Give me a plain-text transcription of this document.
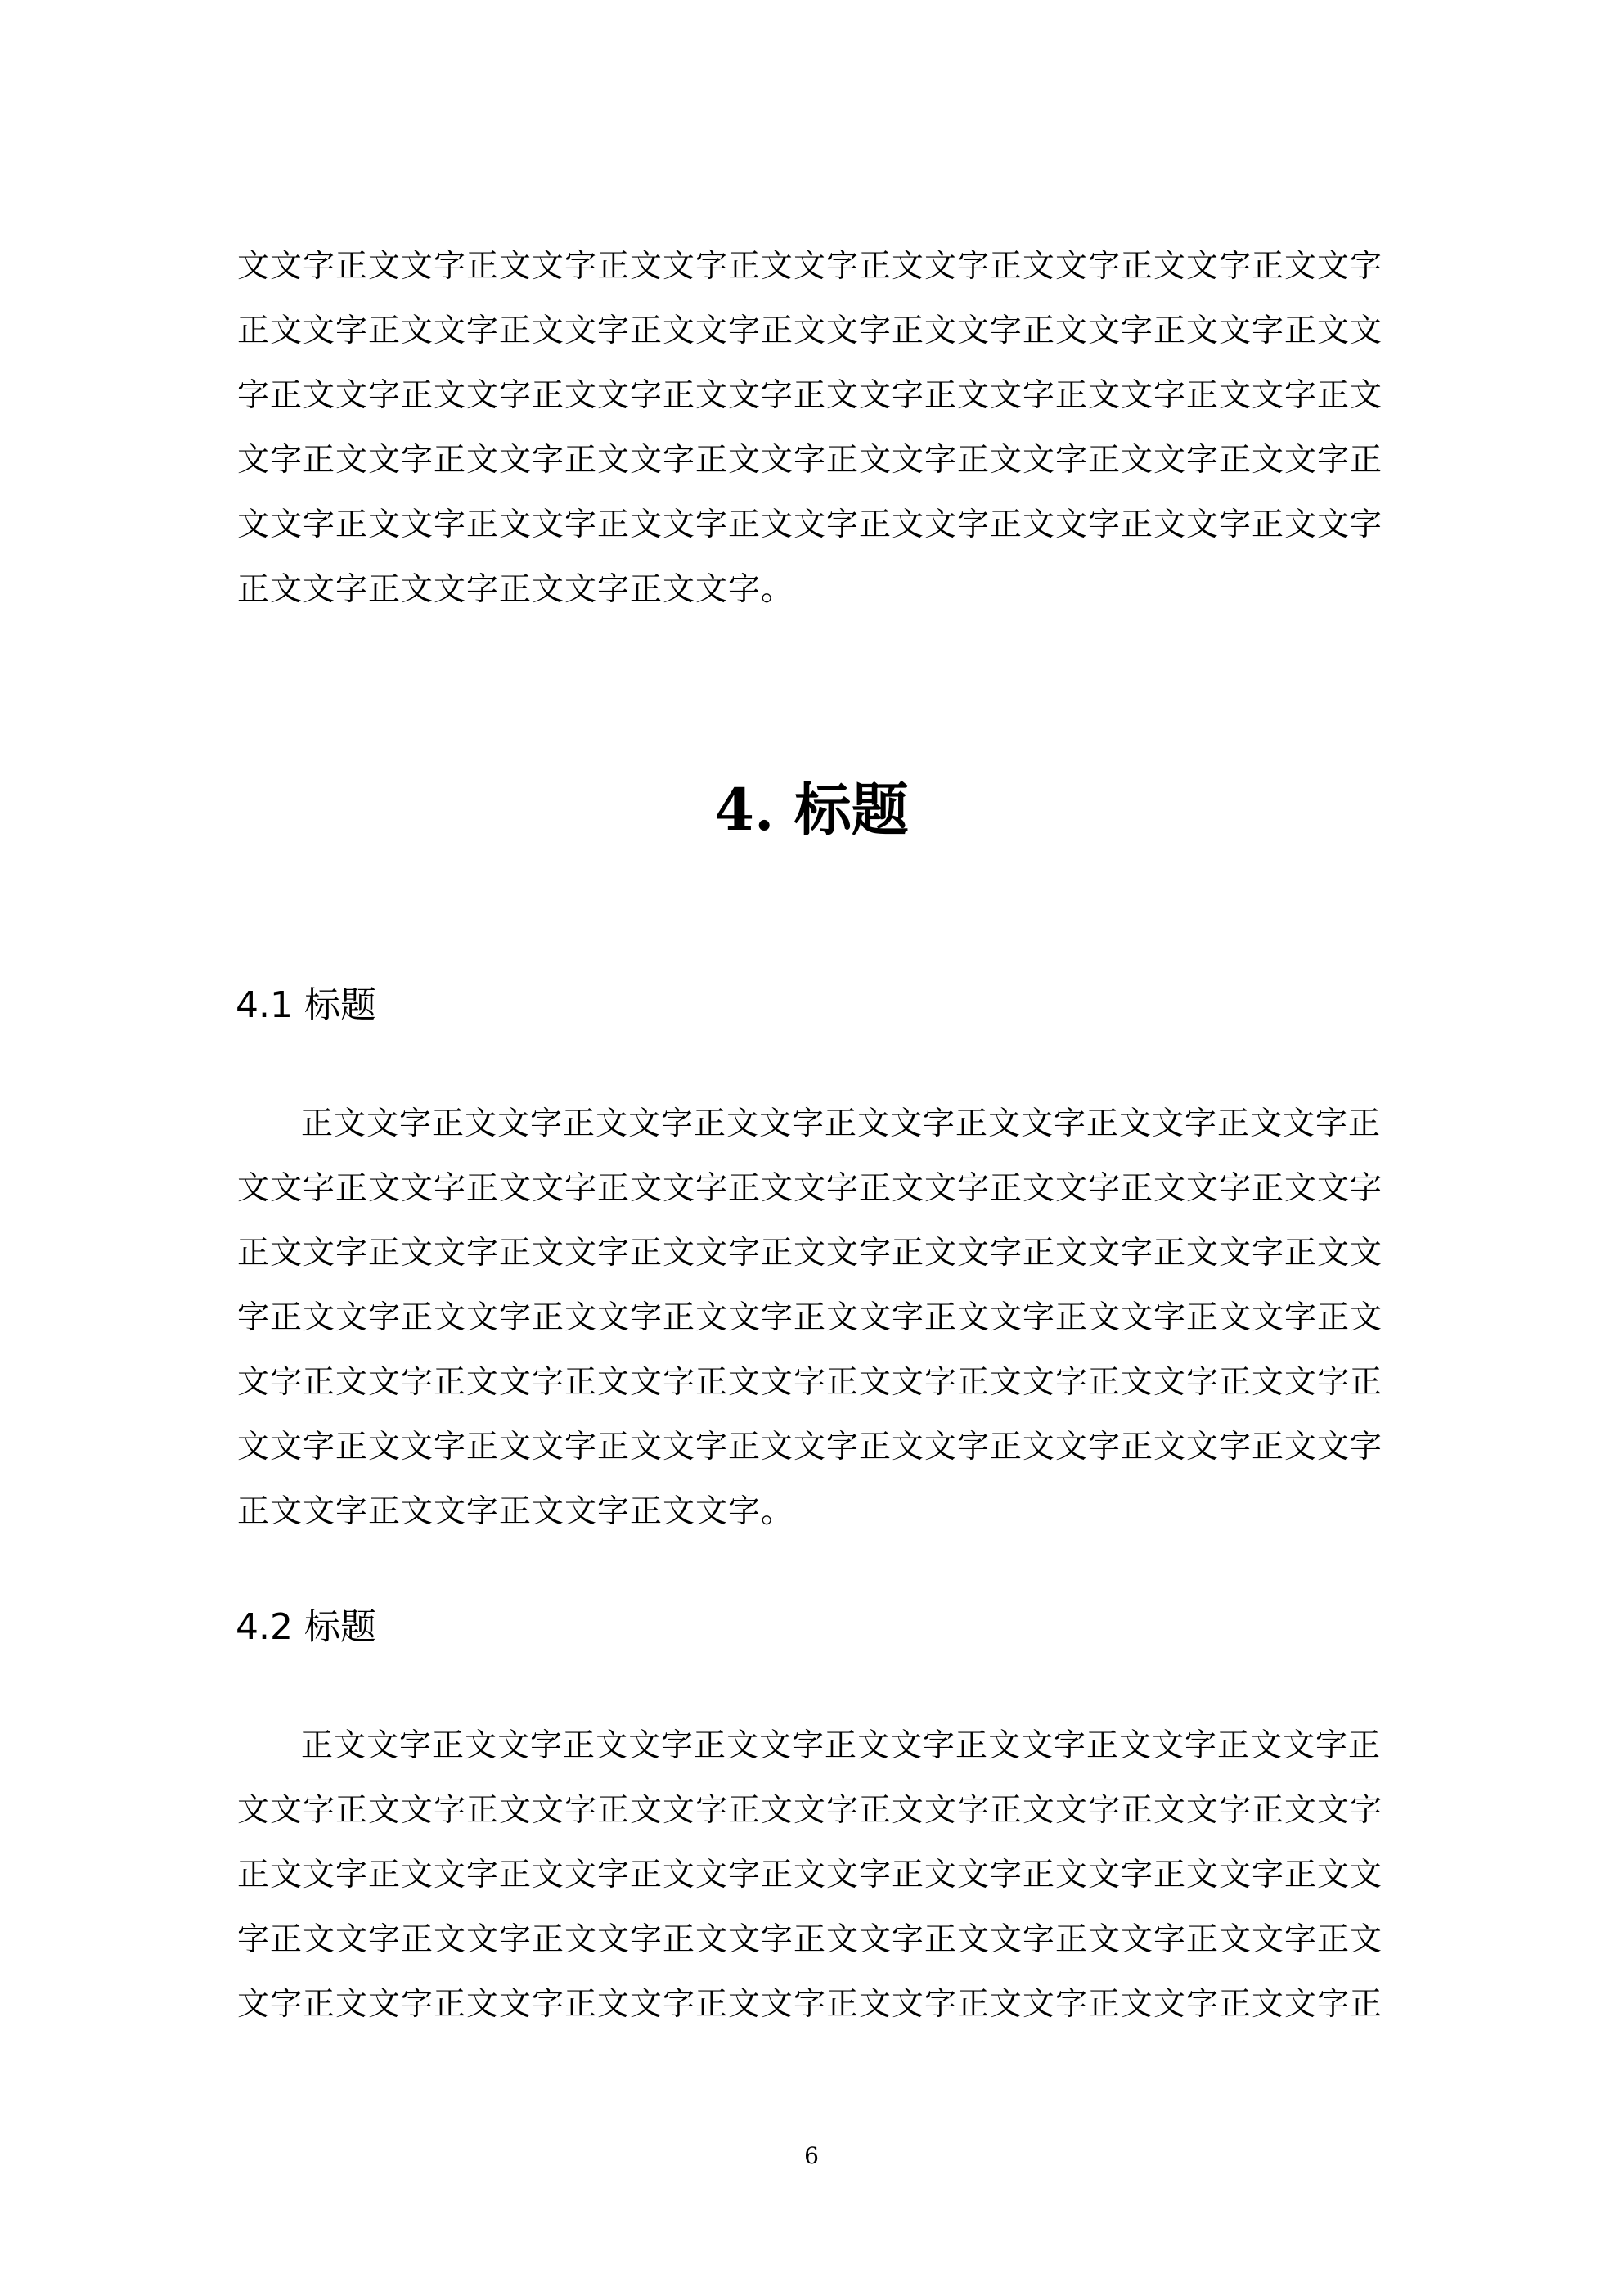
文文字正文文字正文文字正文文字正文文字正文文字正文文字正文文字正文文字

正文文字正文文字正文文字正文文字正文文字正文文字正文文字正文文字正文文

字正文文字正文文字正文文字正文文字正文文字正文文字正文文字正文文字正文

文字正文文字正文文字正文文字正文文字正文文字正文文字正文文字正文文字正

文文字正文文字正文文字正文文字正文文字正文文字正文文字正文文字正文文字

正文文字正文文字正文文字正文文字。

4. 标题
4.1 标题

正文文字正文文字正文文字正文文字正文文字正文文字正文文字正文文字正

文文字正文文字正文文字正文文字正文文字正文文字正文文字正文文字正文文字

正文文字正文文字正文文字正文文字正文文字正文文字正文文字正文文字正文文

字正文文字正文文字正文文字正文文字正文文字正文文字正文文字正文文字正文

文字正文文字正文文字正文文字正文文字正文文字正文文字正文文字正文文字正

文文字正文文字正文文字正文文字正文文字正文文字正文文字正文文字正文文字

正文文字正文文字正文文字正文文字。

4.2 标题

正文文字正文文字正文文字正文文字正文文字正文文字正文文字正文文字正

文文字正文文字正文文字正文文字正文文字正文文字正文文字正文文字正文文字

正文文字正文文字正文文字正文文字正文文字正文文字正文文字正文文字正文文

字正文文字正文文字正文文字正文文字正文文字正文文字正文文字正文文字正文

文字正文文字正文文字正文文字正文文字正文文字正文文字正文文字正文文字正

6
